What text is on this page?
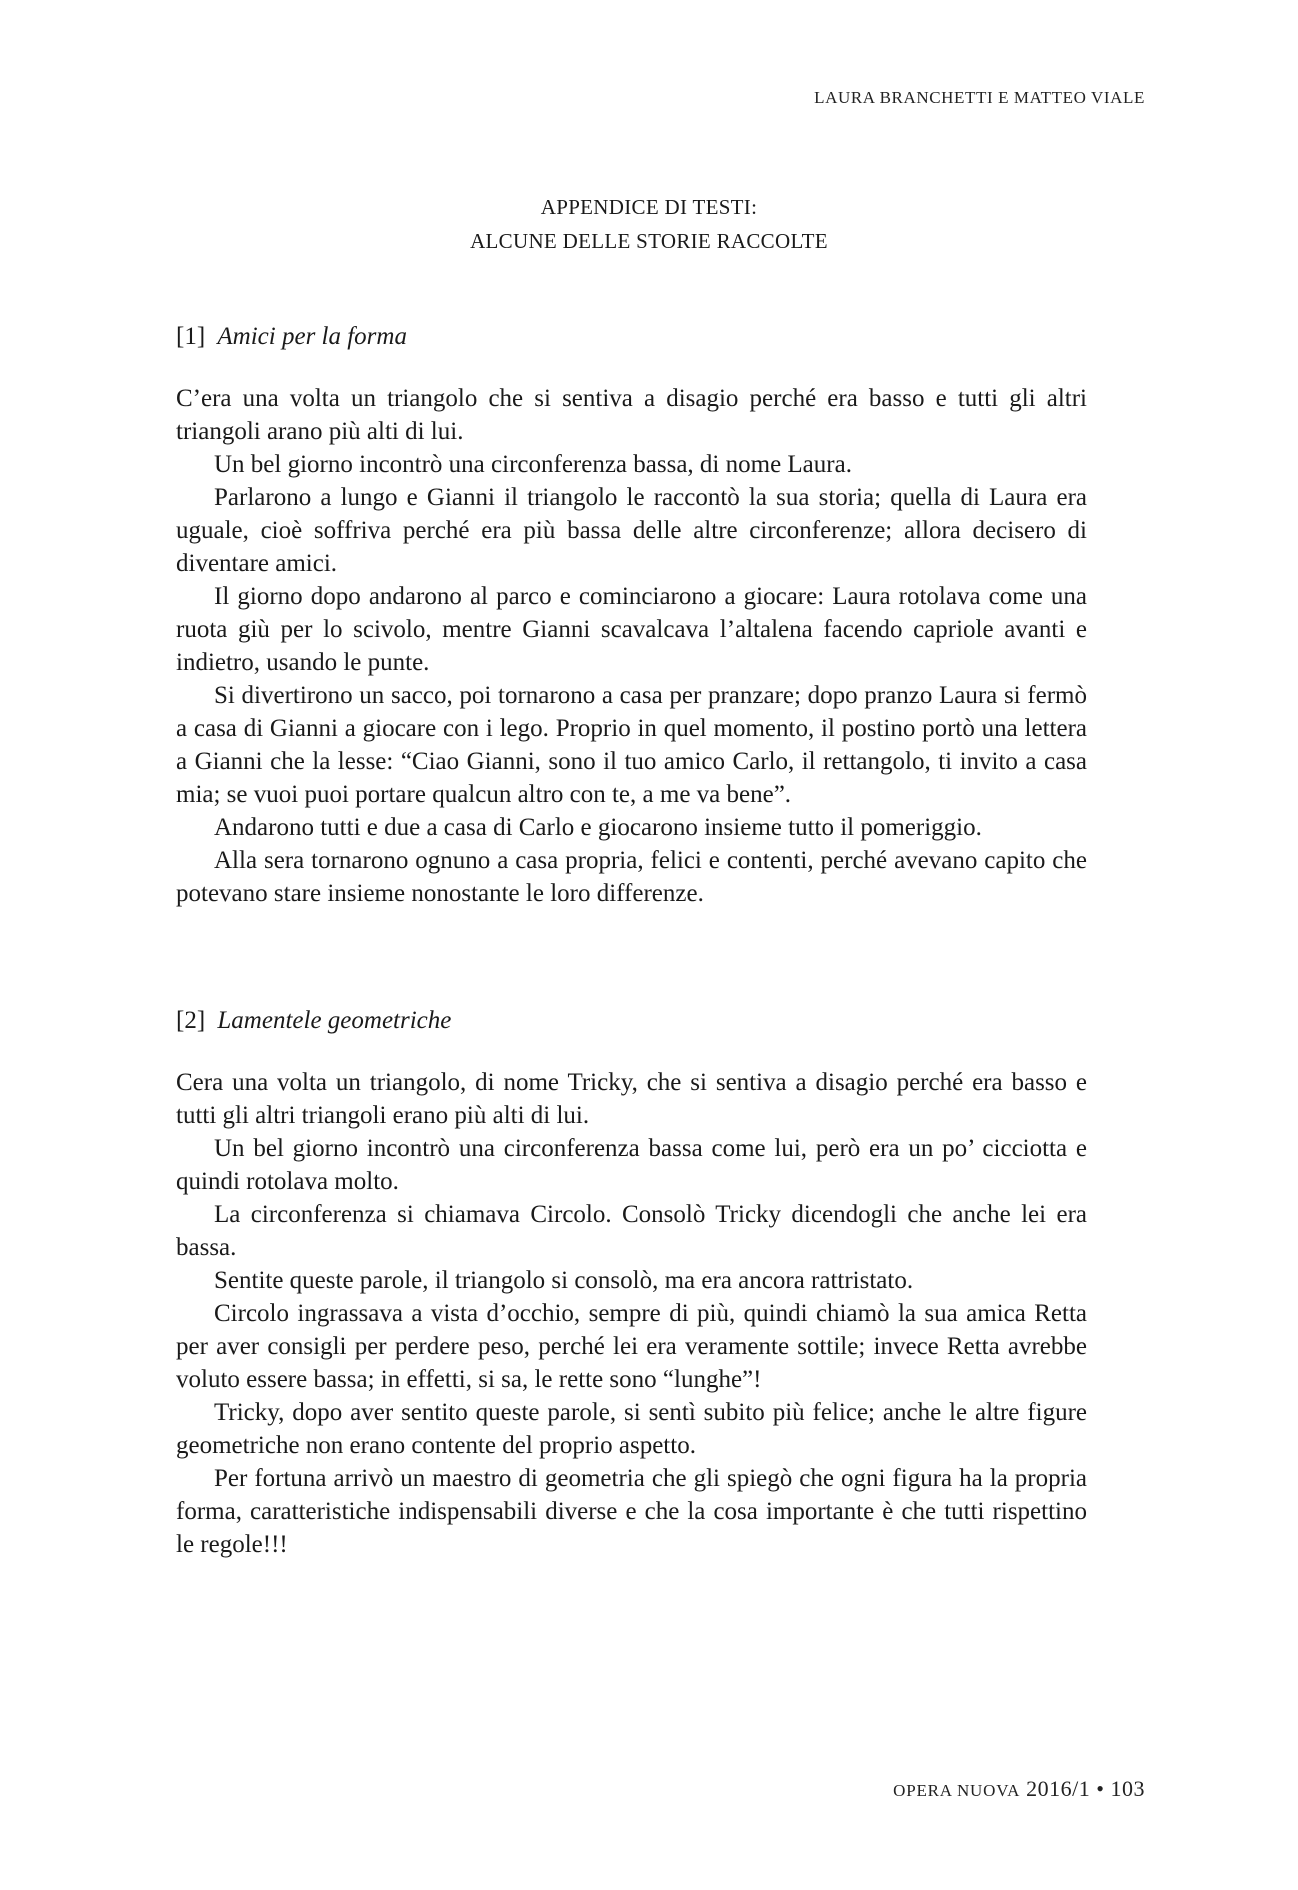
LAURA BRANCHETTI E MATTEO VIALE
APPENDICE DI TESTI:
ALCUNE DELLE STORIE RACCOLTE
[1] Amici per la forma

C’era una volta un triangolo che si sentiva a disagio perché era basso e tutti gli altri triangoli arano più alti di lui.

Un bel giorno incontrò una circonferenza bassa, di nome Laura.

Parlarono a lungo e Gianni il triangolo le raccontò la sua storia; quella di Laura era uguale, cioè soffriva perché era più bassa delle altre circonferenze; allora decisero di diventare amici.

Il giorno dopo andarono al parco e cominciarono a giocare: Laura rotolava come una ruota giù per lo scivolo, mentre Gianni scavalcava l’altalena facendo capriole avanti e indietro, usando le punte.

Si divertirono un sacco, poi tornarono a casa per pranzare; dopo pranzo Laura si fermò a casa di Gianni a giocare con i lego. Proprio in quel momento, il postino portò una lettera a Gianni che la lesse: “Ciao Gianni, sono il tuo amico Carlo, il rettangolo, ti invito a casa mia; se vuoi puoi portare qualcun altro con te, a me va bene”.

Andarono tutti e due a casa di Carlo e giocarono insieme tutto il pomeriggio.

Alla sera tornarono ognuno a casa propria, felici e contenti, perché avevano capito che potevano stare insieme nonostante le loro differenze.

[2] Lamentele geometriche

Cera una volta un triangolo, di nome Tricky, che si sentiva a disagio perché era basso e tutti gli altri triangoli erano più alti di lui.

Un bel giorno incontrò una circonferenza bassa come lui, però era un po’ cicciotta e quindi rotolava molto.

La circonferenza si chiamava Circolo. Consolò Tricky dicendogli che anche lei era bassa.

Sentite queste parole, il triangolo si consolò, ma era ancora rattristato.

Circolo ingrassava a vista d’occhio, sempre di più, quindi chiamò la sua amica Retta per aver consigli per perdere peso, perché lei era veramente sottile; invece Retta avrebbe voluto essere bassa; in effetti, si sa, le rette sono “lunghe”!

Tricky, dopo aver sentito queste parole, si sentì subito più felice; anche le altre figure geometriche non erano contente del proprio aspetto.

Per fortuna arrivò un maestro di geometria che gli spiegò che ogni figura ha la propria forma, caratteristiche indispensabili diverse e che la cosa importante è che tutti rispettino le regole!!!

OPERA NUOVA 2016/1 • 103
